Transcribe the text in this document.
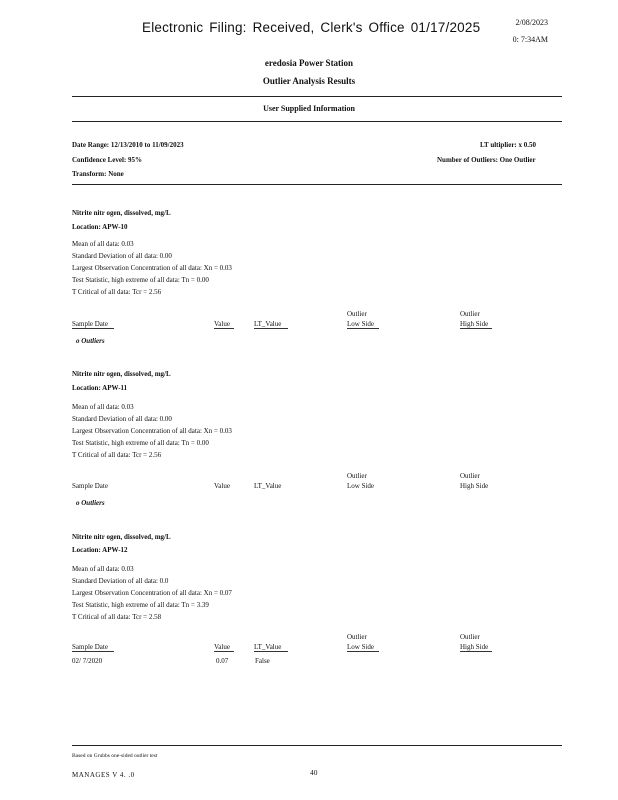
Electronic Filing: Received, Clerk's Office 01/17/2025	2/08/2023
0: 7:34AM
eredosia Power Station
Outlier Analysis Results
User Supplied Information
Date Range: 12/13/2010 to 11/09/2023	LT ultiplier: x 0.50
Confidence Level: 95%	Number of Outliers: One Outlier
Transform: None
Nitrite nitr ogen, dissolved, mg/L
Location: APW-10
Mean of all data: 0.03
Standard Deviation of all data: 0.00
Largest Observation Concentration of all data: Xn = 0.03
Test Statistic, high extreme of all data: Tn = 0.00
T Critical of all data: Tcr = 2.56
Outlier	Outlier
Sample Date	Value	LT_Value	Low Side	High Side
o Outliers
Nitrite nitr ogen, dissolved, mg/L
Location: APW-11
Mean of all data: 0.03
Standard Deviation of all data: 0.00
Largest Observation Concentration of all data: Xn = 0.03
Test Statistic, high extreme of all data: Tn = 0.00
T Critical of all data: Tcr = 2.56
Outlier	Outlier
Sample Date	Value	LT_Value	Low Side	High Side
o Outliers
Nitrite nitr ogen, dissolved, mg/L
Location: APW-12
Mean of all data: 0.03
Standard Deviation of all data: 0.0
Largest Observation Concentration of all data: Xn = 0.07
Test Statistic, high extreme of all data: Tn = 3.39
T Critical of all data: Tcr = 2.58
Outlier	Outlier
Sample Date	Value	LT_Value	Low Side	High Side
02/ 7/2020	0.07	False
Based on Grubbs one-sided outlier test
MANAGES V 4. .0	40
